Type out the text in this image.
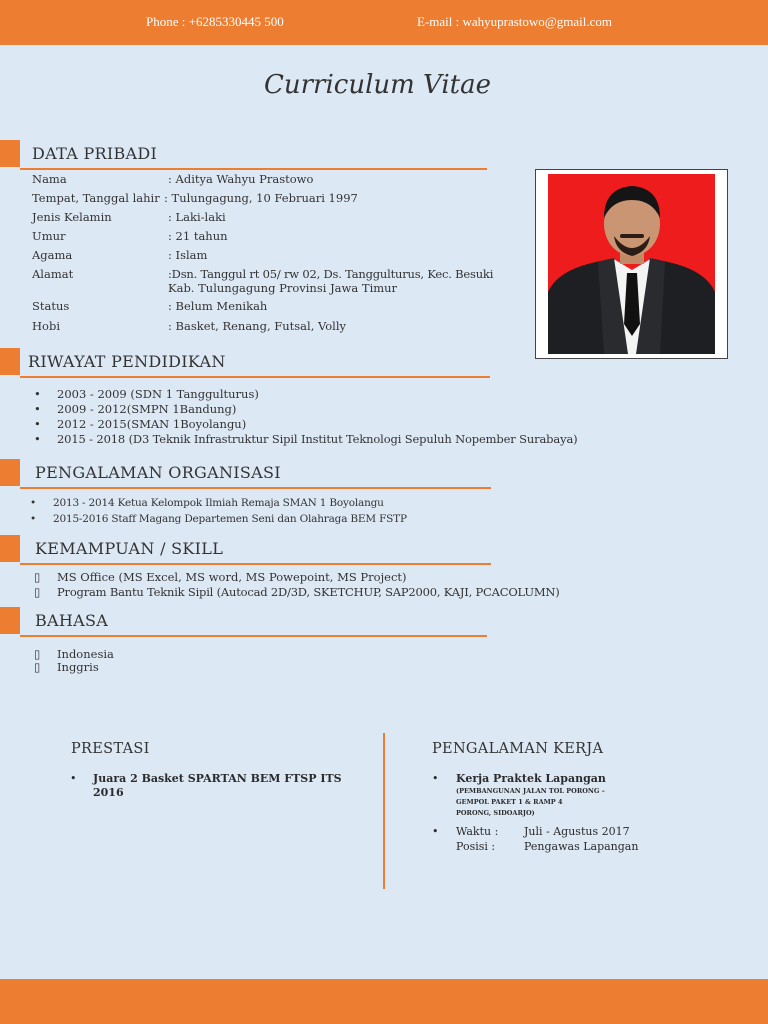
Phone : +6285330445 500	E-mail : wahyuprastowo@gmail.com
Curriculum Vitae
DATA PRIBADI
Nama	: Aditya Wahyu Prastowo
Tempat, Tanggal lahir : Tulungagung, 10 Februari 1997
Jenis Kelamin	: Laki-laki
Umur	: 21 tahun
Agama	: Islam
Alamat	:Dsn. Tanggul rt 05/ rw 02, Ds. Tanggulturus, Kec. Besuki
Kab. Tulungagung Provinsi Jawa Timur
Status	: Belum Menikah
Hobi	: Basket, Renang, Futsal, Volly
RIWAYAT PENDIDIKAN
• 2003 - 2009 (SDN 1 Tanggulturus)
• 2009 - 2012(SMPN 1Bandung)
• 2012 - 2015(SMAN 1Boyolangu)
• 2015 - 2018 (D3 Teknik Infrastruktur Sipil Institut Teknologi Sepuluh Nopember Surabaya)
PENGALAMAN ORGANISASI
• 2013 - 2014 Ketua Kelompok Ilmiah Remaja SMAN 1 Boyolangu
• 2015-2016 Staff Magang Departemen Seni dan Olahraga BEM FSTP
KEMAMPUAN / SKILL
▯ MS Office (MS Excel, MS word, MS Powepoint, MS Project)
▯ Program Bantu Teknik Sipil (Autocad 2D/3D, SKETCHUP, SAP2000, KAJI, PCACOLUMN)
BAHASA
▯ Indonesia
▯ Inggris
PRESTASI
• Juara 2 Basket SPARTAN BEM FTSP ITS
2016
PENGALAMAN KERJA
• Kerja Praktek Lapangan
(PEMBANGUNAN JALAN TOL PORONG –
GEMPOL PAKET 1 & RAMP 4
PORONG, SIDOARJO)
• Waktu : Juli - Agustus 2017
Posisi :	Pengawas Lapangan
